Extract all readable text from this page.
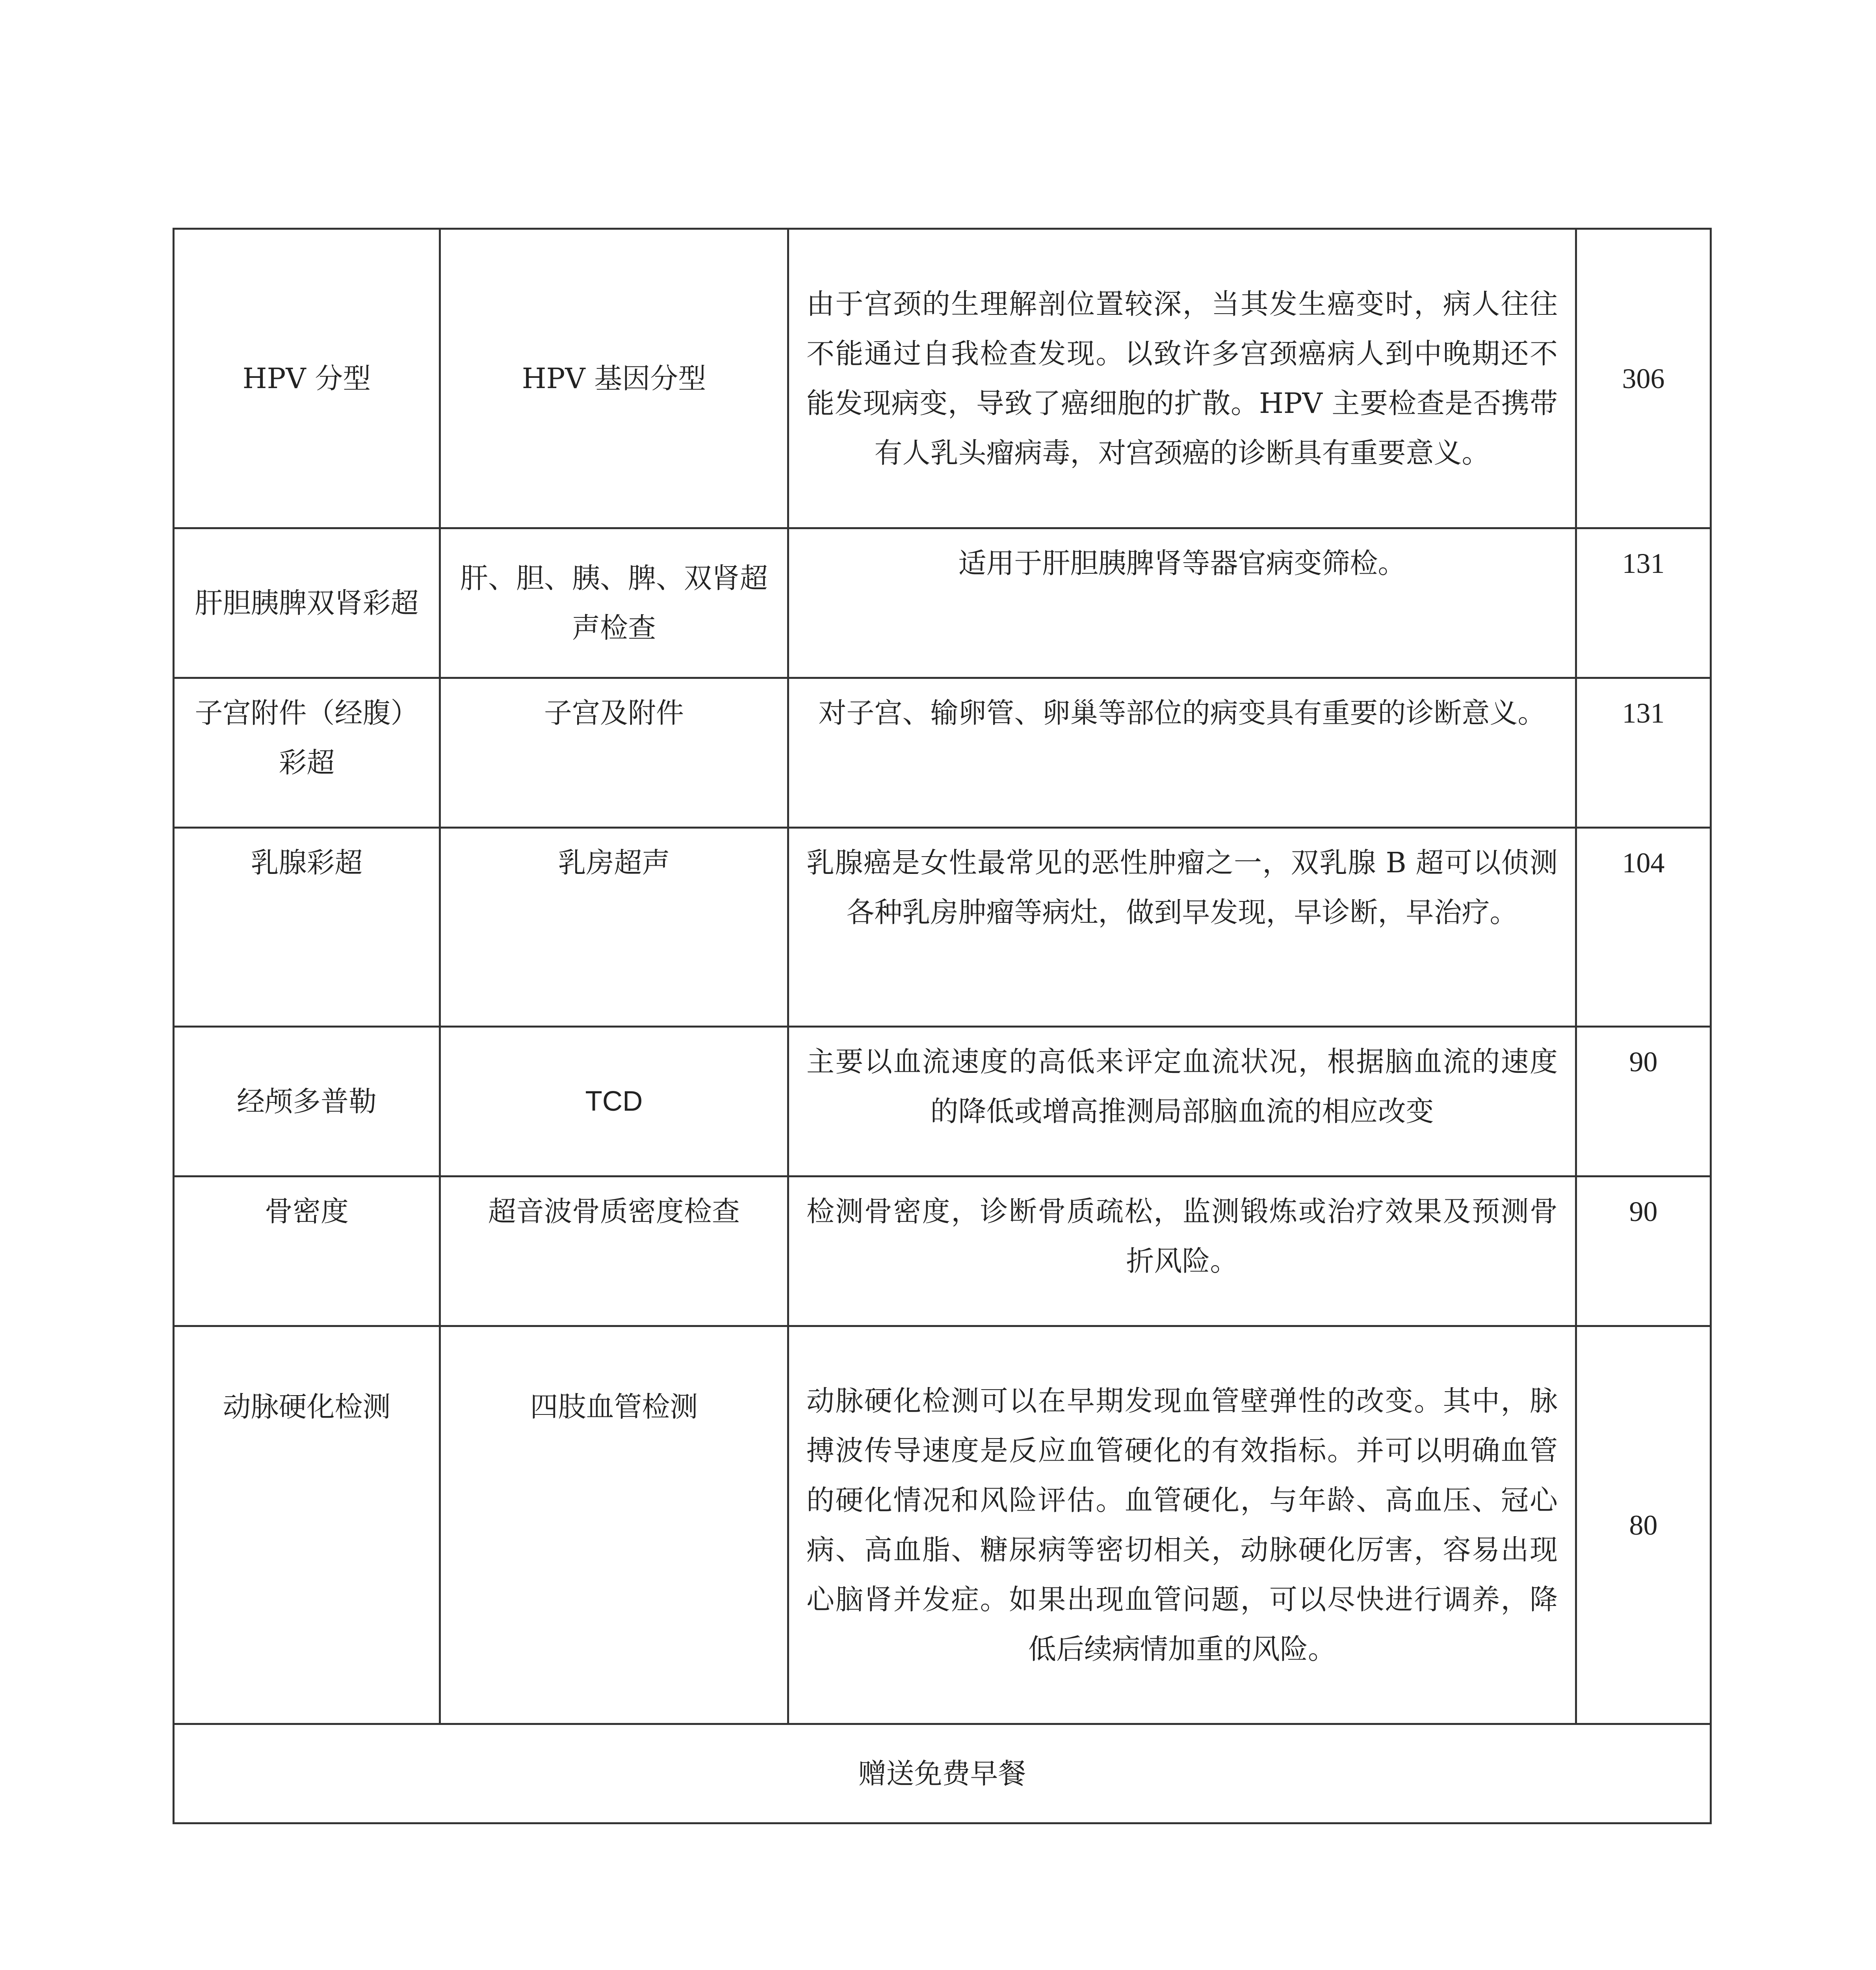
HPV 分型	HPV 基因分型	由于宫颈的生理解剖位置较深，当其发生癌变时，病人往往不能通过自我检查发现。以致许多宫颈癌病人到中晚期还不能发现病变，导致了癌细胞的扩散。HPV 主要检查是否携带有人乳头瘤病毒，对宫颈癌的诊断具有重要意义。	306
肝胆胰脾双肾彩超	肝、胆、胰、脾、双肾超声检查	适用于肝胆胰脾肾等器官病变筛检。	131
子宫附件（经腹）彩超	子宫及附件	对子宫、输卵管、卵巢等部位的病变具有重要的诊断意义。	131
乳腺彩超	乳房超声	乳腺癌是女性最常见的恶性肿瘤之一，双乳腺 B 超可以侦测各种乳房肿瘤等病灶，做到早发现，早诊断，早治疗。	104
经颅多普勒	TCD	主要以血流速度的高低来评定血流状况，根据脑血流的速度的降低或增高推测局部脑血流的相应改变	90
骨密度	超音波骨质密度检查	检测骨密度，诊断骨质疏松，监测锻炼或治疗效果及预测骨折风险。	90
动脉硬化检测	四肢血管检测	动脉硬化检测可以在早期发现血管壁弹性的改变。其中，脉搏波传导速度是反应血管硬化的有效指标。并可以明确血管的硬化情况和风险评估。血管硬化，与年龄、高血压、冠心病、高血脂、糖尿病等密切相关，动脉硬化厉害，容易出现心脑肾并发症。如果出现血管问题，可以尽快进行调养，降低后续病情加重的风险。	80
赠送免费早餐			
